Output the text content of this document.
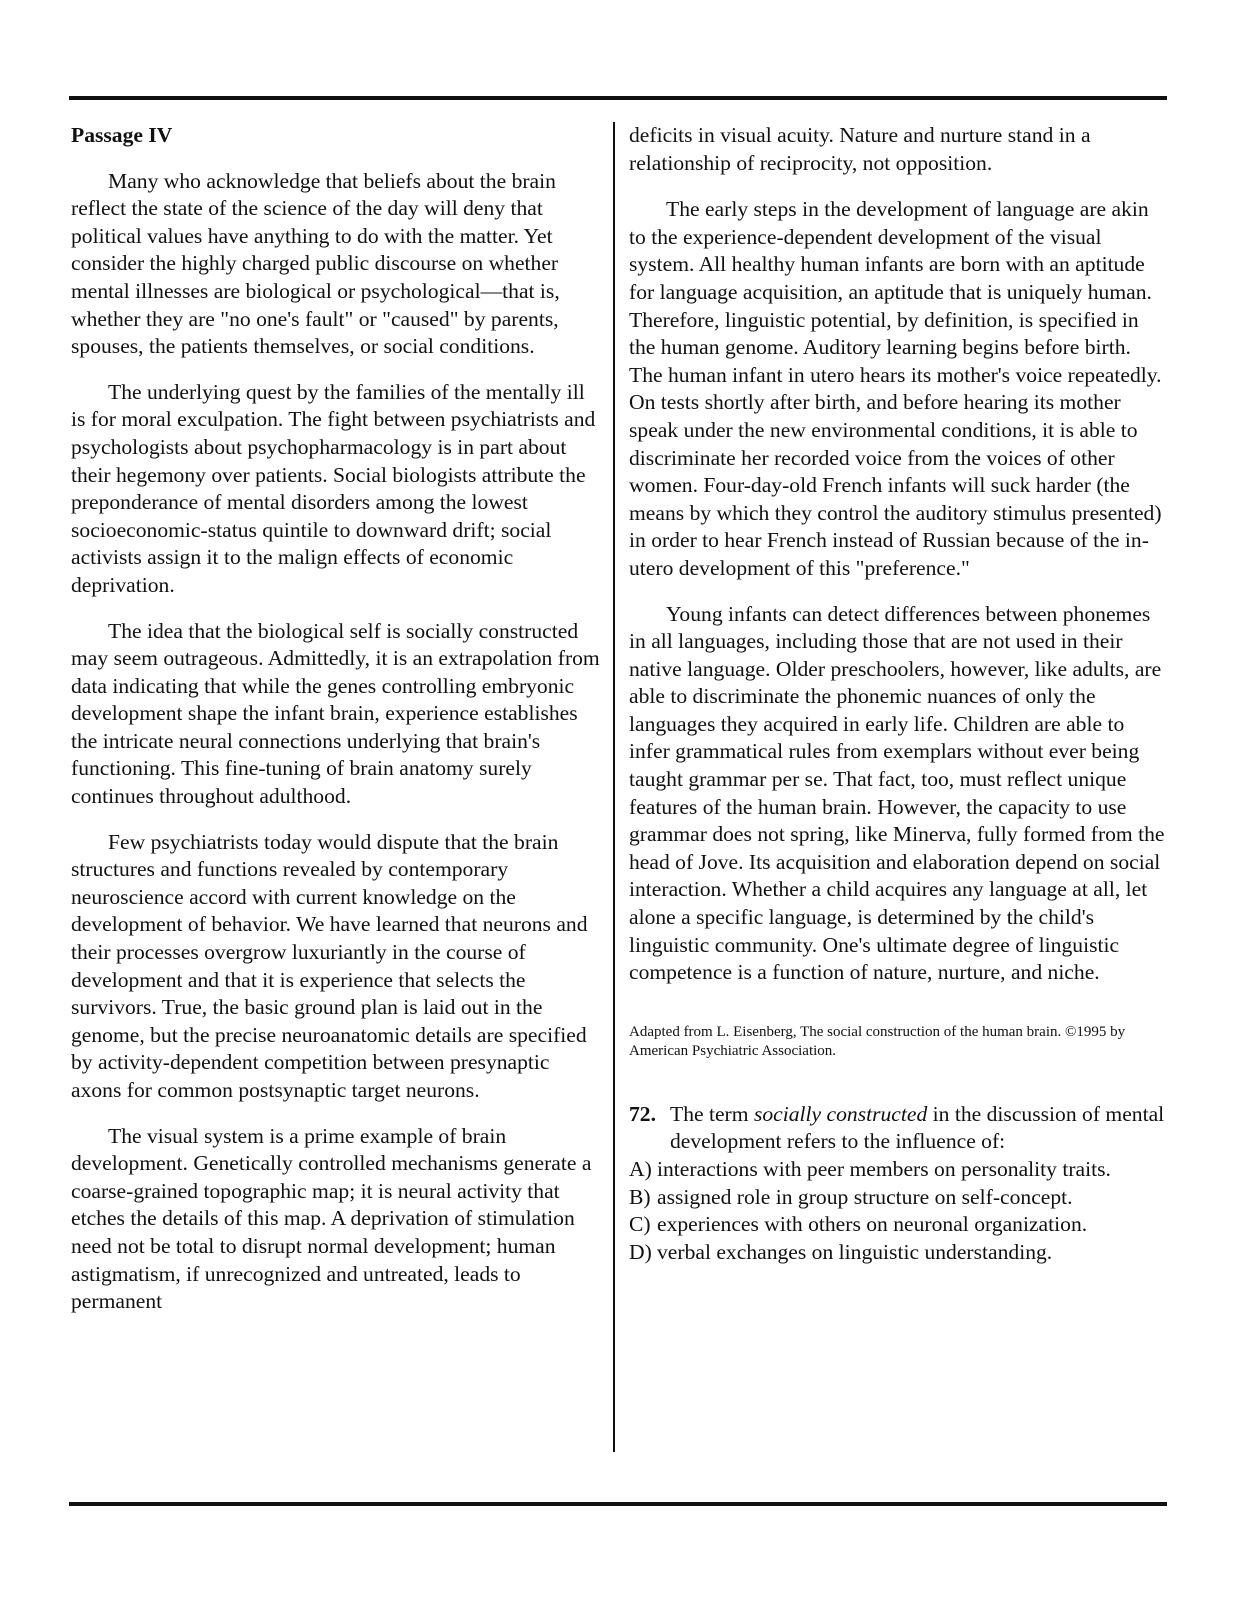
Passage IV

Many who acknowledge that beliefs about the brain reflect the state of the science of the day will deny that political values have anything to do with the matter. Yet consider the highly charged public discourse on whether mental illnesses are biological or psychological—that is, whether they are "no one's fault" or "caused" by parents, spouses, the patients themselves, or social conditions.

The underlying quest by the families of the mentally ill is for moral exculpation. The fight between psychiatrists and psychologists about psychopharmacology is in part about their hegemony over patients. Social biologists attribute the preponderance of mental disorders among the lowest socioeconomic-status quintile to downward drift; social activists assign it to the malign effects of economic deprivation.

The idea that the biological self is socially constructed may seem outrageous. Admittedly, it is an extrapolation from data indicating that while the genes controlling embryonic development shape the infant brain, experience establishes the intricate neural connections underlying that brain's functioning. This fine-tuning of brain anatomy surely continues throughout adulthood.

Few psychiatrists today would dispute that the brain structures and functions revealed by contemporary neuroscience accord with current knowledge on the development of behavior. We have learned that neurons and their processes overgrow luxuriantly in the course of development and that it is experience that selects the survivors. True, the basic ground plan is laid out in the genome, but the precise neuroanatomic details are specified by activity-dependent competition between presynaptic axons for common postsynaptic target neurons.

The visual system is a prime example of brain development. Genetically controlled mechanisms generate a coarse-grained topographic map; it is neural activity that etches the details of this map. A deprivation of stimulation need not be total to disrupt normal development; human astigmatism, if unrecognized and untreated, leads to permanent

deficits in visual acuity. Nature and nurture stand in a relationship of reciprocity, not opposition.

The early steps in the development of language are akin to the experience-dependent development of the visual system. All healthy human infants are born with an aptitude for language acquisition, an aptitude that is uniquely human. Therefore, linguistic potential, by definition, is specified in the human genome. Auditory learning begins before birth. The human infant in utero hears its mother's voice repeatedly. On tests shortly after birth, and before hearing its mother speak under the new environmental conditions, it is able to discriminate her recorded voice from the voices of other women. Four-day-old French infants will suck harder (the means by which they control the auditory stimulus presented) in order to hear French instead of Russian because of the in-utero development of this "preference."

Young infants can detect differences between phonemes in all languages, including those that are not used in their native language. Older preschoolers, however, like adults, are able to discriminate the phonemic nuances of only the languages they acquired in early life. Children are able to infer grammatical rules from exemplars without ever being taught grammar per se. That fact, too, must reflect unique features of the human brain. However, the capacity to use grammar does not spring, like Minerva, fully formed from the head of Jove. Its acquisition and elaboration depend on social interaction. Whether a child acquires any language at all, let alone a specific language, is determined by the child's linguistic community. One's ultimate degree of linguistic competence is a function of nature, nurture, and niche.

Adapted from L. Eisenberg, The social construction of the human brain. ©1995 by American Psychiatric Association.
72. The term socially constructed in the discussion of mental development refers to the influence of:
A) interactions with peer members on personality traits.
B) assigned role in group structure on self-concept.
C) experiences with others on neuronal organization.
D) verbal exchanges on linguistic understanding.
